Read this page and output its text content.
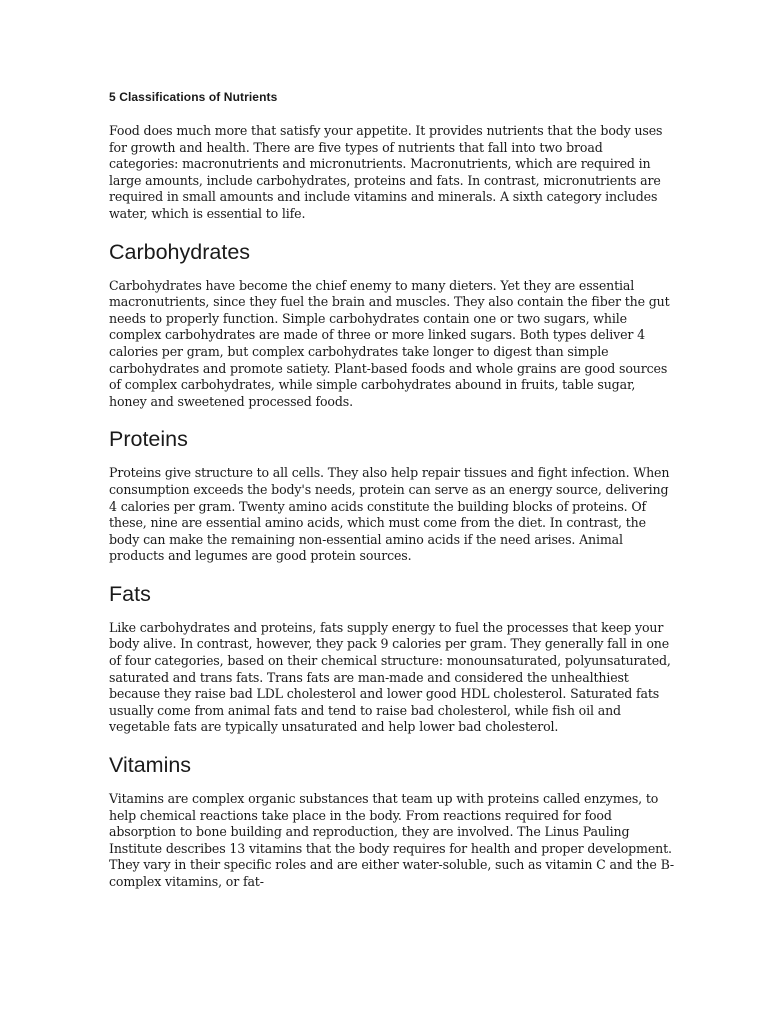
5 Classifications of Nutrients

Food does much more that satisfy your appetite. It provides nutrients that the body uses for growth and health. There are five types of nutrients that fall into two broad categories: macronutrients and micronutrients. Macronutrients, which are required in large amounts, include carbohydrates, proteins and fats. In contrast, micronutrients are required in small amounts and include vitamins and minerals. A sixth category includes water, which is essential to life.

Carbohydrates

Carbohydrates have become the chief enemy to many dieters. Yet they are essential macronutrients, since they fuel the brain and muscles. They also contain the fiber the gut needs to properly function. Simple carbohydrates contain one or two sugars, while complex carbohydrates are made of three or more linked sugars. Both types deliver 4 calories per gram, but complex carbohydrates take longer to digest than simple carbohydrates and promote satiety. Plant-based foods and whole grains are good sources of complex carbohydrates, while simple carbohydrates abound in fruits, table sugar, honey and sweetened processed foods.

Proteins

Proteins give structure to all cells. They also help repair tissues and fight infection. When consumption exceeds the body's needs, protein can serve as an energy source, delivering 4 calories per gram. Twenty amino acids constitute the building blocks of proteins. Of these, nine are essential amino acids, which must come from the diet. In contrast, the body can make the remaining non-essential amino acids if the need arises. Animal products and legumes are good protein sources.

Fats

Like carbohydrates and proteins, fats supply energy to fuel the processes that keep your body alive. In contrast, however, they pack 9 calories per gram. They generally fall in one of four categories, based on their chemical structure: monounsaturated, polyunsaturated, saturated and trans fats. Trans fats are man-made and considered the unhealthiest because they raise bad LDL cholesterol and lower good HDL cholesterol. Saturated fats usually come from animal fats and tend to raise bad cholesterol, while fish oil and vegetable fats are typically unsaturated and help lower bad cholesterol.

Vitamins

Vitamins are complex organic substances that team up with proteins called enzymes, to help chemical reactions take place in the body. From reactions required for food absorption to bone building and reproduction, they are involved. The Linus Pauling Institute describes 13 vitamins that the body requires for health and proper development. They vary in their specific roles and are either water-soluble, such as vitamin C and the B-complex vitamins, or fat-
